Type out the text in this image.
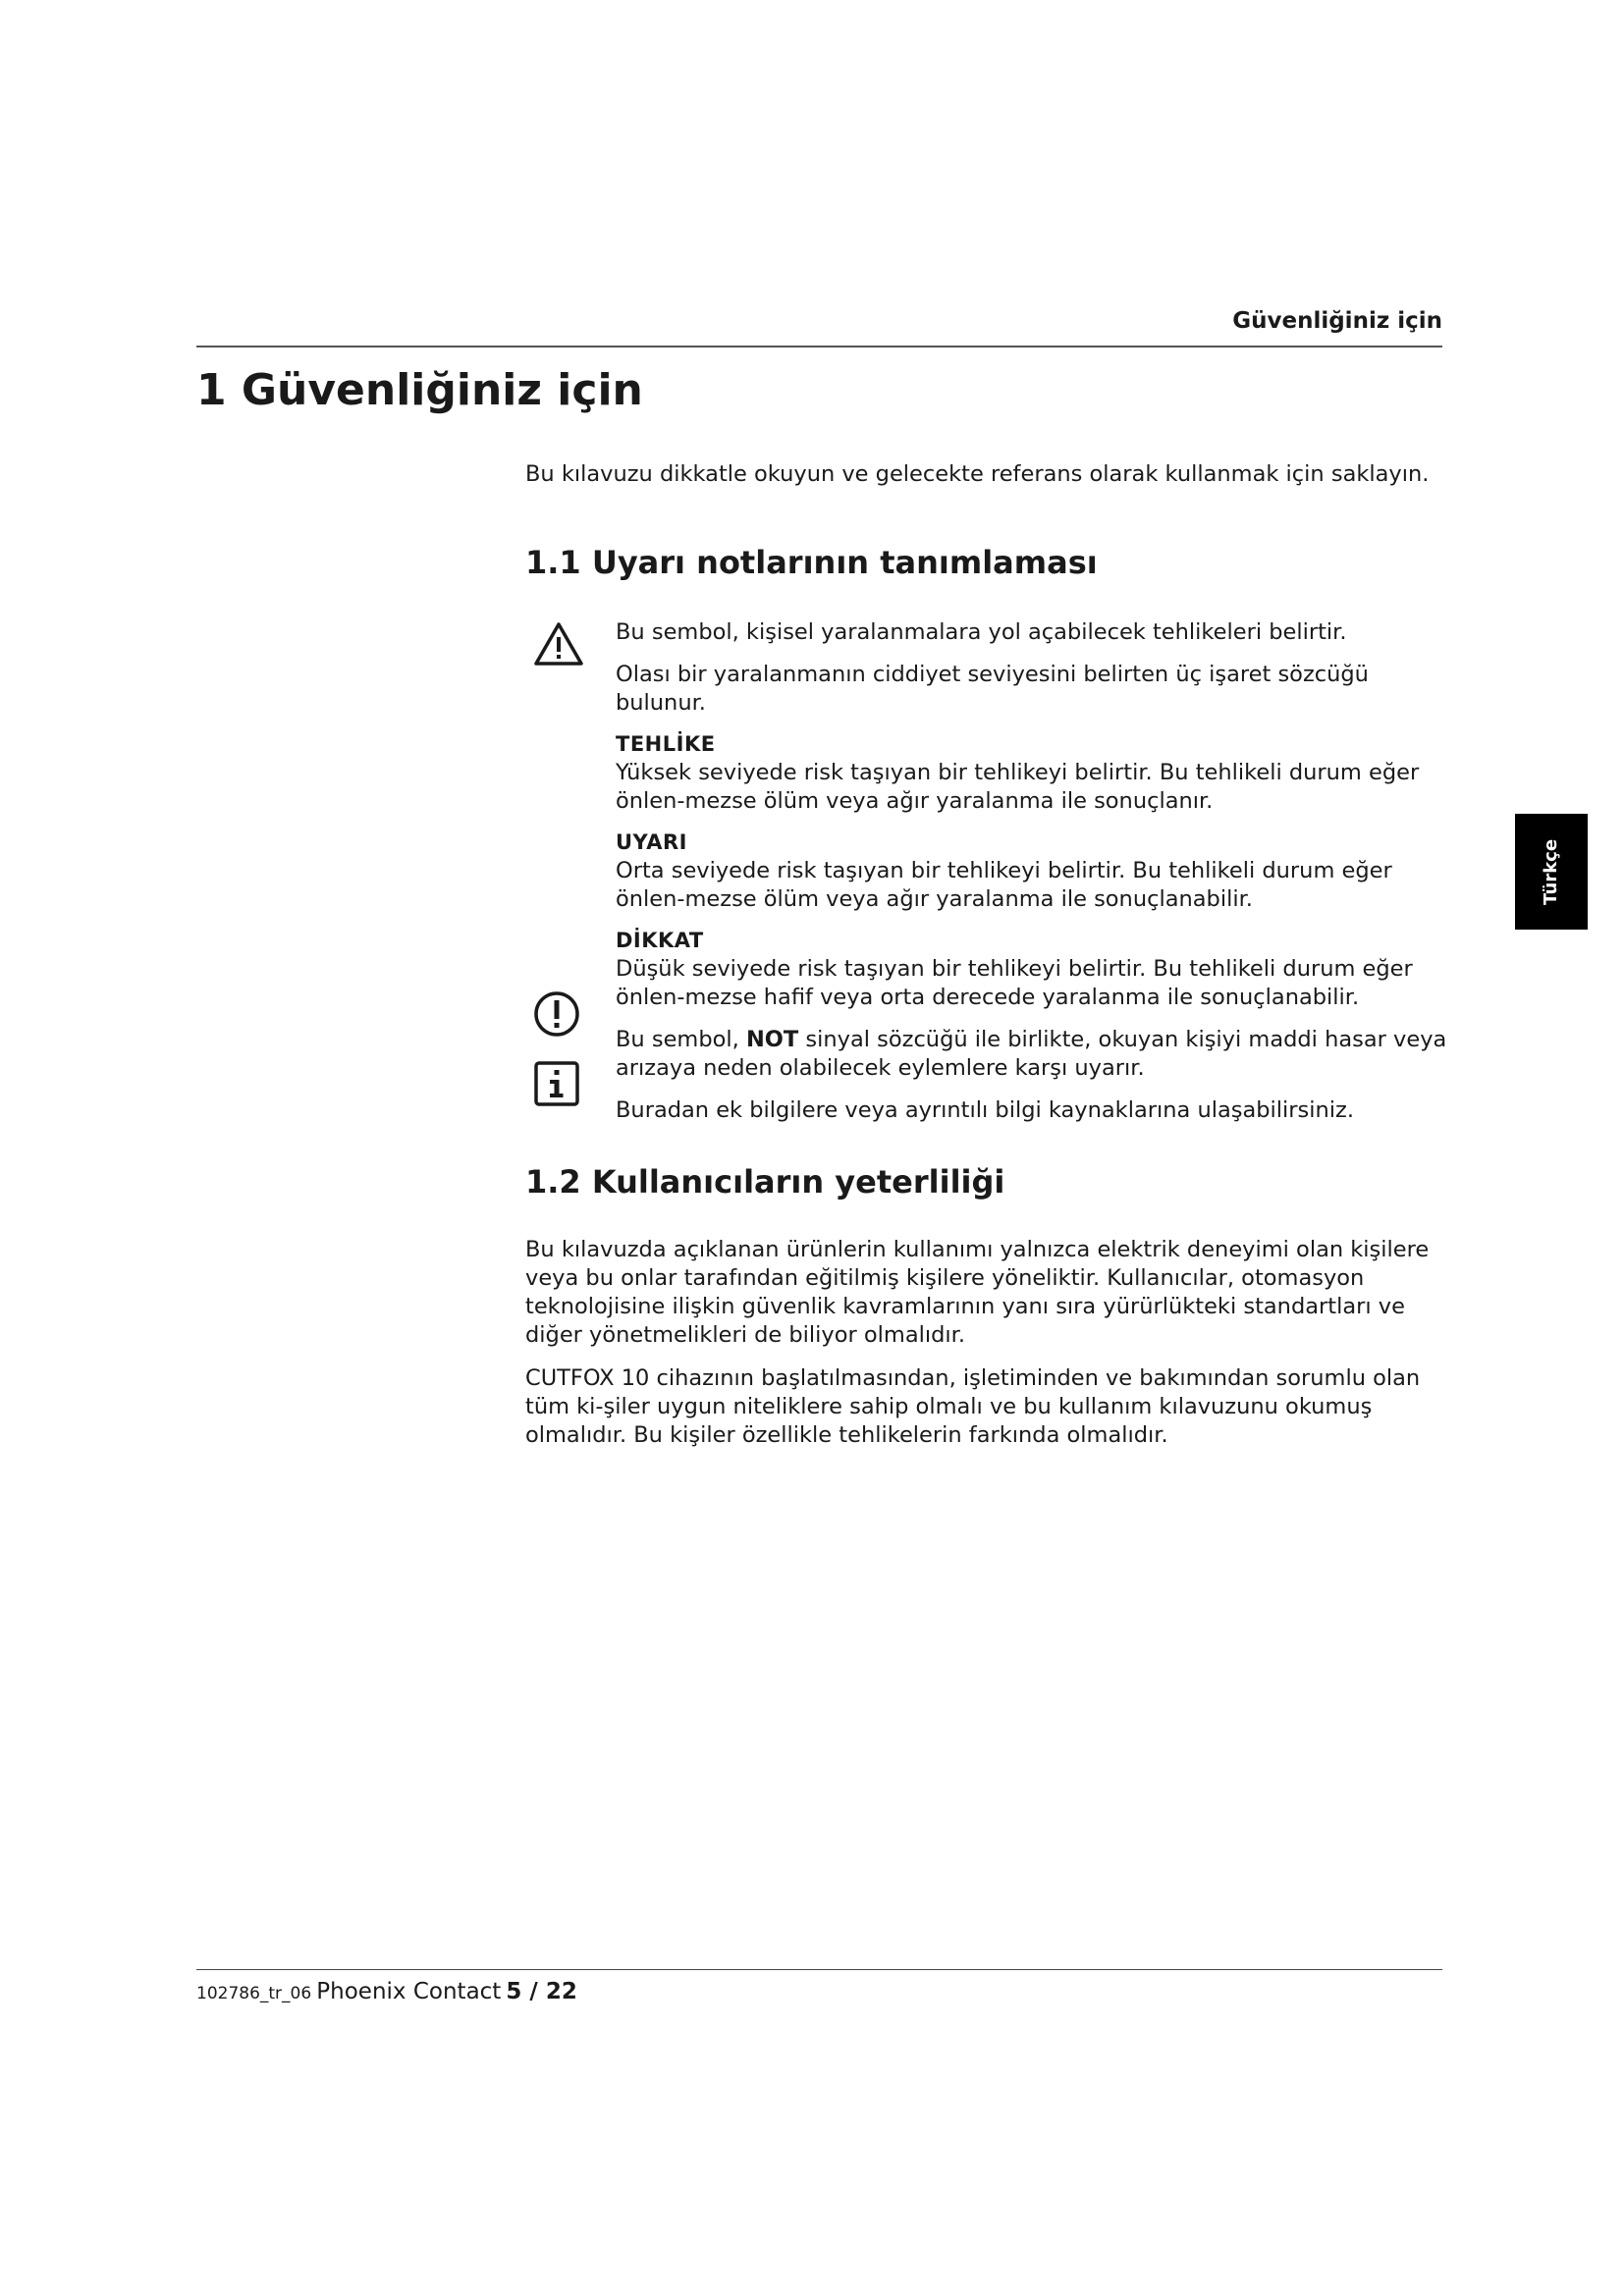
Güvenliğiniz için
1 Güvenliğiniz için

Bu kılavuzu dikkatle okuyun ve gelecekte referans olarak kullanmak için saklayın.

1.1 Uyarı notlarının tanımlaması

Bu sembol, kişisel yaralanmalara yol açabilecek tehlikeleri belirtir.

Olası bir yaralanmanın ciddiyet seviyesini belirten üç işaret sözcüğü bulunur.

TEHLİKE

Yüksek seviyede risk taşıyan bir tehlikeyi belirtir. Bu tehlikeli durum eğer önlen-mezse ölüm veya ağır yaralanma ile sonuçlanır.

UYARI

Orta seviyede risk taşıyan bir tehlikeyi belirtir. Bu tehlikeli durum eğer önlen-mezse ölüm veya ağır yaralanma ile sonuçlanabilir.

DİKKAT

Düşük seviyede risk taşıyan bir tehlikeyi belirtir. Bu tehlikeli durum eğer önlen-mezse hafif veya orta derecede yaralanma ile sonuçlanabilir.

Bu sembol, NOT sinyal sözcüğü ile birlikte, okuyan kişiyi maddi hasar veya arızaya neden olabilecek eylemlere karşı uyarır.

Buradan ek bilgilere veya ayrıntılı bilgi kaynaklarına ulaşabilirsiniz.

1.2 Kullanıcıların yeterliliği

Bu kılavuzda açıklanan ürünlerin kullanımı yalnızca elektrik deneyimi olan kişilere veya bu onlar tarafından eğitilmiş kişilere yöneliktir. Kullanıcılar, otomasyon teknolojisine ilişkin güvenlik kavramlarının yanı sıra yürürlükteki standartları ve diğer yönetmelikleri de biliyor olmalıdır.

CUTFOX 10 cihazının başlatılmasından, işletiminden ve bakımından sorumlu olan tüm ki-şiler uygun niteliklere sahip olmalı ve bu kullanım kılavuzunu okumuş olmalıdır. Bu kişiler özellikle tehlikelerin farkında olmalıdır.

Türkçe
102786_tr_06 Phoenix Contact 5 / 22
